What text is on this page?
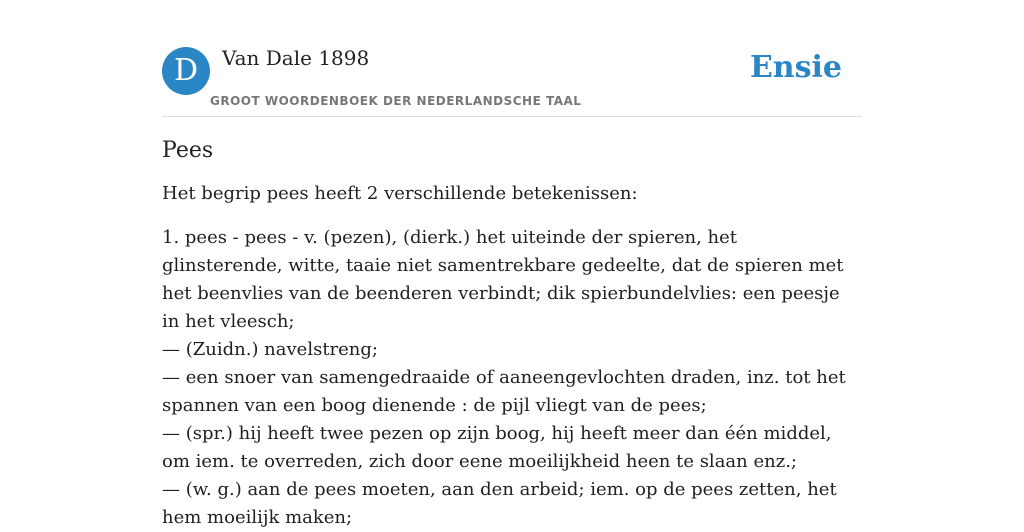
D	Van Dale 1898
GROOT WOORDENBOEK DER NEDERLANDSCHE TAAL
Ensie
Pees

Het begrip pees heeft 2 verschillende betekenissen:

1. pees - pees - v. (pezen), (dierk.) het uiteinde der spieren, het glinsterende, witte, taaie niet samentrekbare gedeelte, dat de spieren met het beenvlies van de beenderen verbindt; dik spierbundelvlies: een peesje in het vleesch;
— (Zuidn.) navelstreng;
— een snoer van samengedraaide of aaneengevlochten draden, inz. tot het spannen van een boog dienende : de pijl vliegt van de pees;
— (spr.) hij heeft twee pezen op zijn boog, hij heeft meer dan één middel, om iem. te overreden, zich door eene moeilijkheid heen te slaan enz.;
— (w. g.) aan de pees moeten, aan den arbeid; iem. op de pees zetten, het hem moeilijk maken;
